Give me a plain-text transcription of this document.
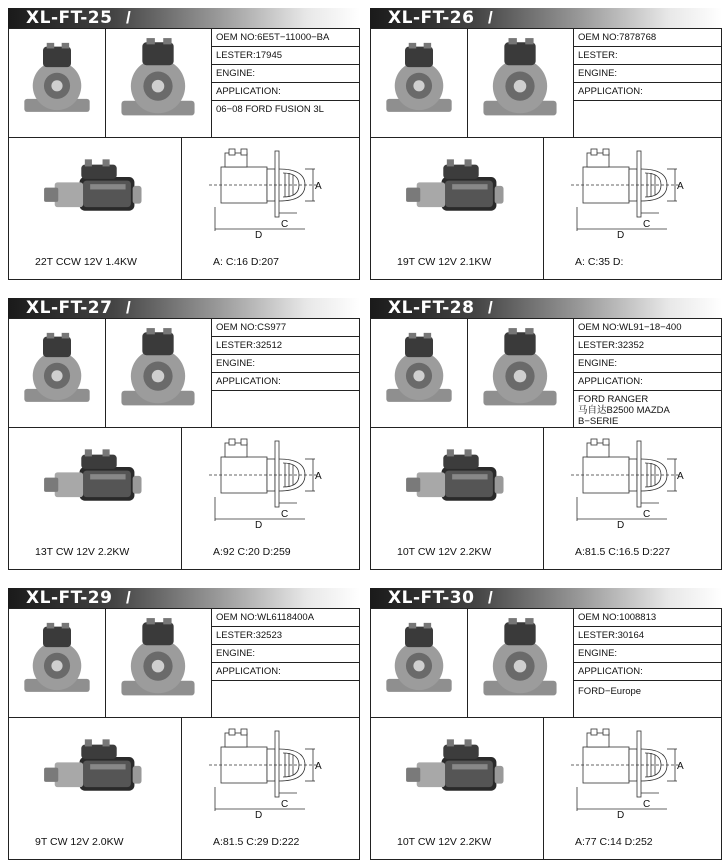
XL-FT-25 /
OEM NO:6E5T−11000−BA
LESTER:17945
ENGINE:
APPLICATION:
06−08 FORD FUSION 3L
22T CCW 12V 1.4KW
A
C
D
A: C:16 D:207
XL-FT-26 /
OEM NO:7878768
LESTER:
ENGINE:
APPLICATION:

19T CW 12V 2.1KW
A
C
D
A: C:35 D:
XL-FT-27 /
OEM NO:CS977
LESTER:32512
ENGINE:
APPLICATION:

13T CW 12V 2.2KW
A
C
D
A:92 C:20 D:259
XL-FT-28 /
OEM NO:WL91−18−400
LESTER:32352
ENGINE:
APPLICATION:
FORD RANGER
马自达B2500 MAZDA
B−SERIE
10T CW 12V 2.2KW
A
C
D
A:81.5 C:16.5 D:227
XL-FT-29 /
OEM NO:WL6118400A
LESTER:32523
ENGINE:
APPLICATION:

9T CW 12V 2.0KW
A
C
D
A:81.5 C:29 D:222
XL-FT-30 /
OEM NO:1008813
LESTER:30164
ENGINE:
APPLICATION:
FORD−Europe
10T CW 12V 2.2KW
A
C
D
A:77 C:14 D:252
